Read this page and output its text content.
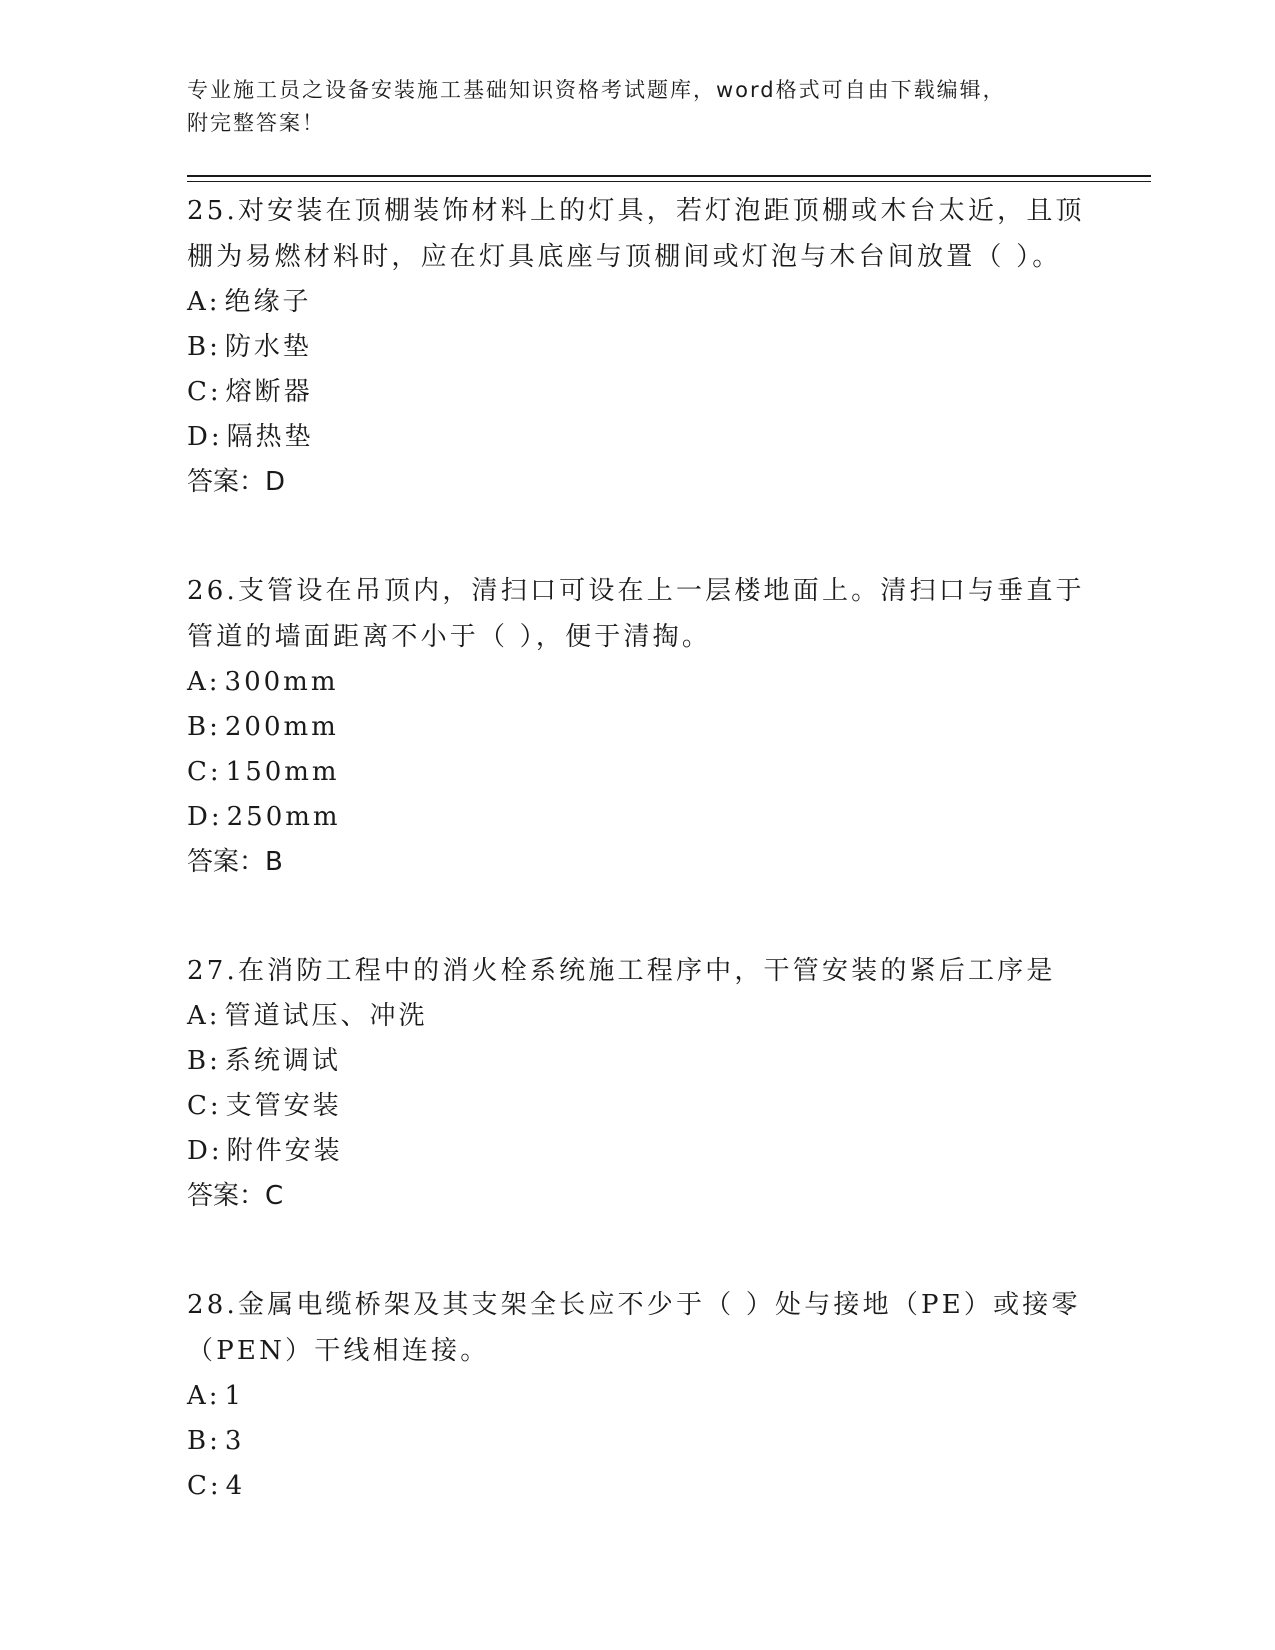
专业施工员之设备安装施工基础知识资格考试题库，word格式可自由下载编辑，
附完整答案！

25.对安装在顶棚装饰材料上的灯具，若灯泡距顶棚或木台太近，且顶

棚为易燃材料时，应在灯具底座与顶棚间或灯泡与木台间放置（ ）。

A: 绝缘子

B: 防水垫

C: 熔断器

D: 隔热垫

答案：D

26.支管设在吊顶内，清扫口可设在上一层楼地面上。清扫口与垂直于

管道的墙面距离不小于（ ），便于清掏。

A: 300mm

B: 200mm

C: 150mm

D: 250mm

答案：B

27.在消防工程中的消火栓系统施工程序中，干管安装的紧后工序是

A: 管道试压、冲洗

B: 系统调试

C: 支管安装

D: 附件安装

答案：C

28.金属电缆桥架及其支架全长应不少于（ ）处与接地（PE）或接零

（PEN）干线相连接。

A: 1

B: 3

C: 4
